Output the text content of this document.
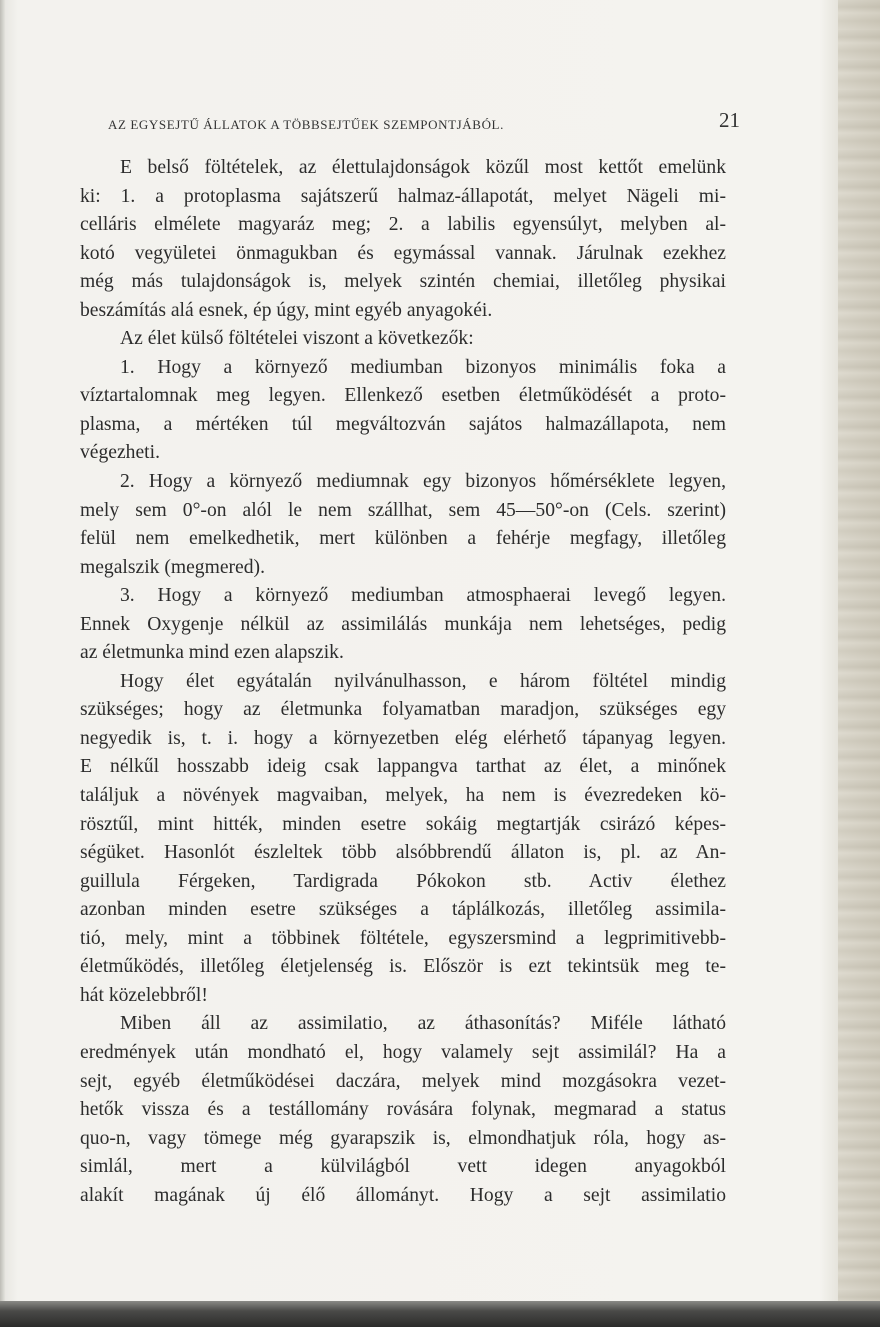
AZ EGYSEJTŰ ÁLLATOK A TÖBBSEJTŰEK SZEMPONTJÁBÓL.	21
E belső föltételek, az élettulajdonságok közűl most kettőt emelünk
ki: 1. a protoplasma sajátszerű halmaz-állapotát, melyet Nägeli mi-
celláris elmélete magyaráz meg; 2. a labilis egyensúlyt, melyben al-
kotó vegyületei önmagukban és egymással vannak. Járulnak ezekhez
még más tulajdonságok is, melyek szintén chemiai, illetőleg physikai
beszámítás alá esnek, ép úgy, mint egyéb anyagokéi.
Az élet külső föltételei viszont a következők:
1. Hogy a környező mediumban bizonyos minimális foka a
víztartalomnak meg legyen. Ellenkező esetben életműködését a proto-
plasma, a mértéken túl megváltozván sajátos halmazállapota, nem
végezheti.
2. Hogy a környező mediumnak egy bizonyos hőmérséklete legyen,
mely sem 0°-on alól le nem szállhat, sem 45—50°-on (Cels. szerint)
felül nem emelkedhetik, mert különben a fehérje megfagy, illetőleg
megalszik (megmered).
3. Hogy a környező mediumban atmosphaerai levegő legyen.
Ennek Oxygenje nélkül az assimilálás munkája nem lehetséges, pedig
az életmunka mind ezen alapszik.
Hogy élet egyátalán nyilvánulhasson, e három föltétel mindig
szükséges; hogy az életmunka folyamatban maradjon, szükséges egy
negyedik is, t. i. hogy a környezetben elég elérhető tápanyag legyen.
E nélkűl hosszabb ideig csak lappangva tarthat az élet, a minőnek
találjuk a növények magvaiban, melyek, ha nem is évezredeken kö-
rösztűl, mint hitték, minden esetre sokáig megtartják csirázó képes-
ségüket. Hasonlót észleltek több alsóbbrendű állaton is, pl. az An-
guillula Férgeken, Tardigrada Pókokon stb. Activ élethez
azonban minden esetre szükséges a táplálkozás, illetőleg assimila-
tió, mely, mint a többinek föltétele, egyszersmind a legprimitivebb-
életműködés, illetőleg életjelenség is. Először is ezt tekintsük meg te-
hát közelebbről!
Miben áll az assimilatio, az áthasonítás? Miféle látható
eredmények után mondható el, hogy valamely sejt assimilál? Ha a
sejt, egyéb életműködései daczára, melyek mind mozgásokra vezet-
hetők vissza és a testállomány rovására folynak, megmarad a status
quo-n, vagy tömege még gyarapszik is, elmondhatjuk róla, hogy as-
simlál, mert a külvilágból vett idegen anyagokból
alakít magának új élő állományt. Hogy a sejt assimilatio
